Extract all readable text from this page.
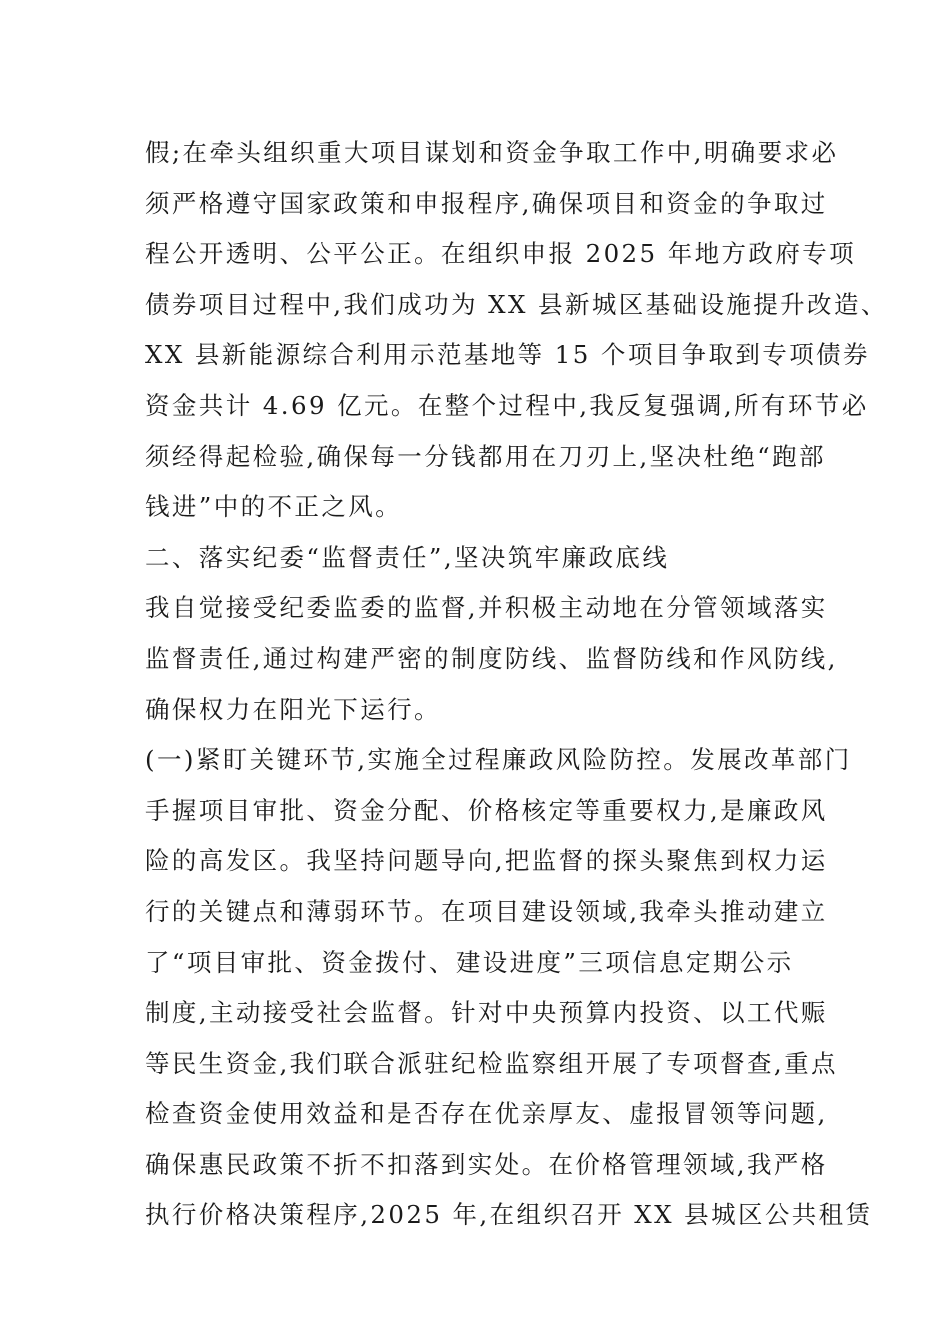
假;在牵头组织重大项目谋划和资金争取工作中,明确要求必
须严格遵守国家政策和申报程序,确保项目和资金的争取过
程公开透明、公平公正。在组织申报 2025 年地方政府专项
债券项目过程中,我们成功为 XX 县新城区基础设施提升改造、
XX 县新能源综合利用示范基地等 15 个项目争取到专项债券
资金共计 4.69 亿元。在整个过程中,我反复强调,所有环节必
须经得起检验,确保每一分钱都用在刀刃上,坚决杜绝“跑部
钱进”中的不正之风。
二、落实纪委“监督责任”,坚决筑牢廉政底线
我自觉接受纪委监委的监督,并积极主动地在分管领域落实
监督责任,通过构建严密的制度防线、监督防线和作风防线,
确保权力在阳光下运行。
(一)紧盯关键环节,实施全过程廉政风险防控。发展改革部门
手握项目审批、资金分配、价格核定等重要权力,是廉政风
险的高发区。我坚持问题导向,把监督的探头聚焦到权力运
行的关键点和薄弱环节。在项目建设领域,我牵头推动建立
了“项目审批、资金拨付、建设进度”三项信息定期公示
制度,主动接受社会监督。针对中央预算内投资、以工代赈
等民生资金,我们联合派驻纪检监察组开展了专项督查,重点
检查资金使用效益和是否存在优亲厚友、虚报冒领等问题,
确保惠民政策不折不扣落到实处。在价格管理领域,我严格
执行价格决策程序,2025 年,在组织召开 XX 县城区公共租赁
